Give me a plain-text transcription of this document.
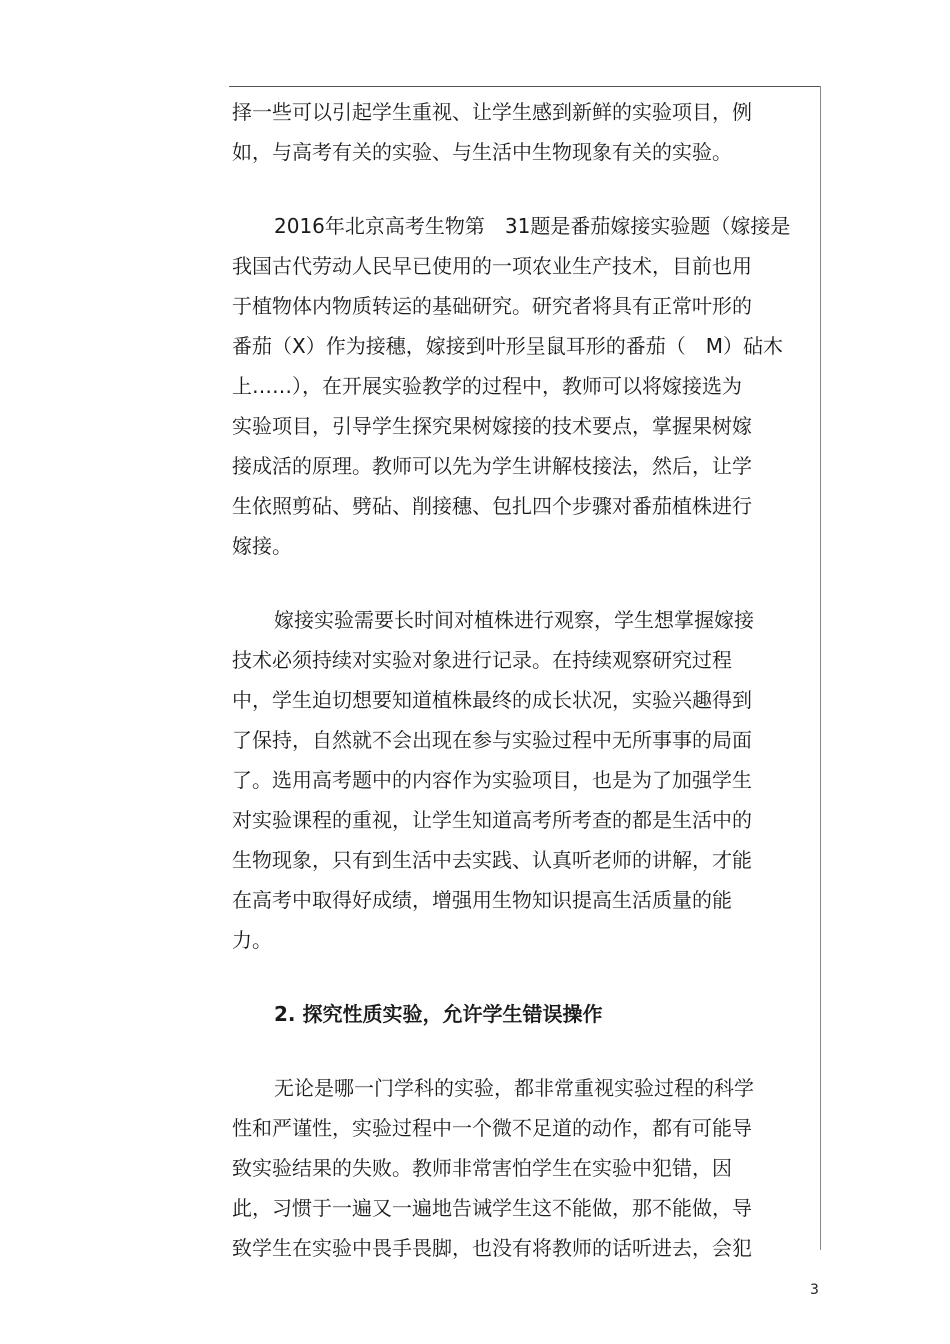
择一些可以引起学生重视、让学生感到新鲜的实验项目，例
如，与高考有关的实验、与生活中生物现象有关的实验。

2016年北京高考生物第　31题是番茄嫁接实验题（嫁接是
我国古代劳动人民早已使用的一项农业生产技术，目前也用
于植物体内物质转运的基础研究。研究者将具有正常叶形的
番茄（X）作为接穗，嫁接到叶形呈鼠耳形的番茄（　M）砧木
上……），在开展实验教学的过程中，教师可以将嫁接选为
实验项目，引导学生探究果树嫁接的技术要点，掌握果树嫁
接成活的原理。教师可以先为学生讲解枝接法，然后，让学
生依照剪砧、劈砧、削接穗、包扎四个步骤对番茄植株进行
嫁接。

嫁接实验需要长时间对植株进行观察，学生想掌握嫁接
技术必须持续对实验对象进行记录。在持续观察研究过程
中，学生迫切想要知道植株最终的成长状况，实验兴趣得到
了保持，自然就不会出现在参与实验过程中无所事事的局面
了。选用高考题中的内容作为实验项目，也是为了加强学生
对实验课程的重视，让学生知道高考所考查的都是生活中的
生物现象，只有到生活中去实践、认真听老师的讲解，才能
在高考中取得好成绩，增强用生物知识提高生活质量的能
力。

2. 探究性质实验，允许学生错误操作

无论是哪一门学科的实验，都非常重视实验过程的科学
性和严谨性，实验过程中一个微不足道的动作，都有可能导
致实验结果的失败。教师非常害怕学生在实验中犯错，因
此，习惯于一遍又一遍地告诫学生这不能做，那不能做，导
致学生在实验中畏手畏脚，也没有将教师的话听进去，会犯

3
